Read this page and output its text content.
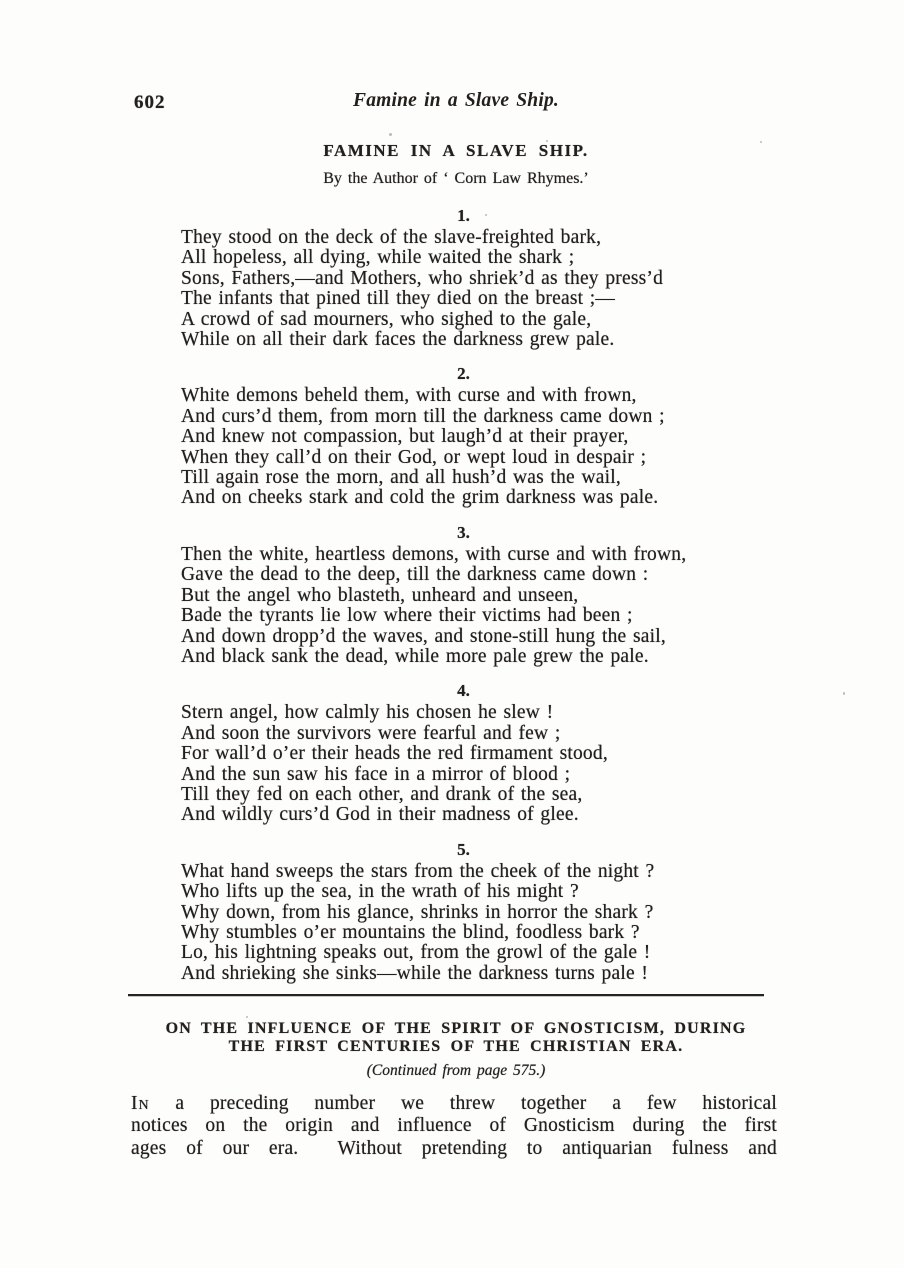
602	Famine in a Slave Ship.
FAMINE IN A SLAVE SHIP.
By the Author of ‘ Corn Law Rhymes.’
1.
They stood on the deck of the slave-freighted bark,
All hopeless, all dying, while waited the shark ;
Sons, Fathers,—and Mothers, who shriek’d as they press’d
The infants that pined till they died on the breast ;—
A crowd of sad mourners, who sighed to the gale,
While on all their dark faces the darkness grew pale.
2.
White demons beheld them, with curse and with frown,
And curs’d them, from morn till the darkness came down ;
And knew not compassion, but laugh’d at their prayer,
When they call’d on their God, or wept loud in despair ;
Till again rose the morn, and all hush’d was the wail,
And on cheeks stark and cold the grim darkness was pale.
3.
Then the white, heartless demons, with curse and with frown,
Gave the dead to the deep, till the darkness came down :
But the angel who blasteth, unheard and unseen,
Bade the tyrants lie low where their victims had been ;
And down dropp’d the waves, and stone-still hung the sail,
And black sank the dead, while more pale grew the pale.
4.
Stern angel, how calmly his chosen he slew !
And soon the survivors were fearful and few ;
For wall’d o’er their heads the red firmament stood,
And the sun saw his face in a mirror of blood ;
Till they fed on each other, and drank of the sea,
And wildly curs’d God in their madness of glee.
5.
What hand sweeps the stars from the cheek of the night ?
Who lifts up the sea, in the wrath of his might ?
Why down, from his glance, shrinks in horror the shark ?
Why stumbles o’er mountains the blind, foodless bark ?
Lo, his lightning speaks out, from the growl of the gale !
And shrieking she sinks—while the darkness turns pale !
ON THE INFLUENCE OF THE SPIRIT OF GNOSTICISM, DURING
THE FIRST CENTURIES OF THE CHRISTIAN ERA.
(Continued from page 575.)
In a preceding number we threw together a few historical
notices on the origin and influence of Gnosticism during the first
ages of our era.  Without pretending to antiquarian fulness and
